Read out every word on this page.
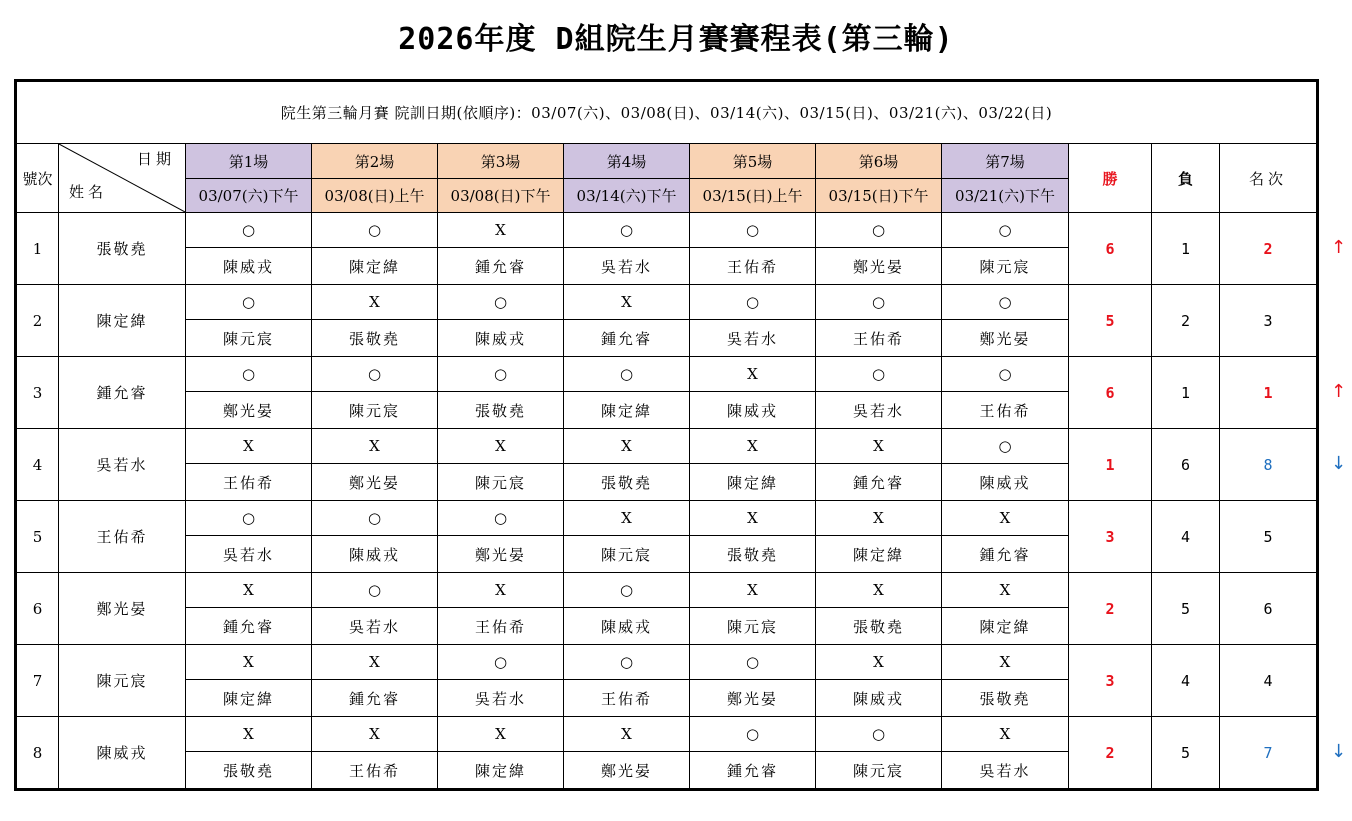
2026年度 D組院生月賽賽程表(第三輪)
院生第三輪月賽 院訓日期(依順序)：03/07(六)、03/08(日)、03/14(六)、03/15(日)、03/21(六)、03/22(日)											
號次	日期
姓名	第1場	第2場	第3場	第4場	第5場	第6場	第7場	勝	負	名次
		03/07(六)下午	03/08(日)上午	03/08(日)下午	03/14(六)下午	03/15(日)上午	03/15(日)下午	03/21(六)下午			
1	張敬堯	○	○	X	○	○	○	○	6	1	2
		陳威戎	陳定緯	鍾允睿	吳若水	王佑希	鄭光晏	陳元宸			
2	陳定緯	○	X	○	X	○	○	○	5	2	3
		陳元宸	張敬堯	陳威戎	鍾允睿	吳若水	王佑希	鄭光晏			
3	鍾允睿	○	○	○	○	X	○	○	6	1	1
		鄭光晏	陳元宸	張敬堯	陳定緯	陳威戎	吳若水	王佑希			
4	吳若水	X	X	X	X	X	X	○	1	6	8
		王佑希	鄭光晏	陳元宸	張敬堯	陳定緯	鍾允睿	陳威戎			
5	王佑希	○	○	○	X	X	X	X	3	4	5
		吳若水	陳威戎	鄭光晏	陳元宸	張敬堯	陳定緯	鍾允睿			
6	鄭光晏	X	○	X	○	X	X	X	2	5	6
		鍾允睿	吳若水	王佑希	陳威戎	陳元宸	張敬堯	陳定緯			
7	陳元宸	X	X	○	○	○	X	X	3	4	4
		陳定緯	鍾允睿	吳若水	王佑希	鄭光晏	陳威戎	張敬堯			
8	陳威戎	X	X	X	X	○	○	X	2	5	7
		張敬堯	王佑希	陳定緯	鄭光晏	鍾允睿	陳元宸	吳若水			
↑
↑
↓
↓
